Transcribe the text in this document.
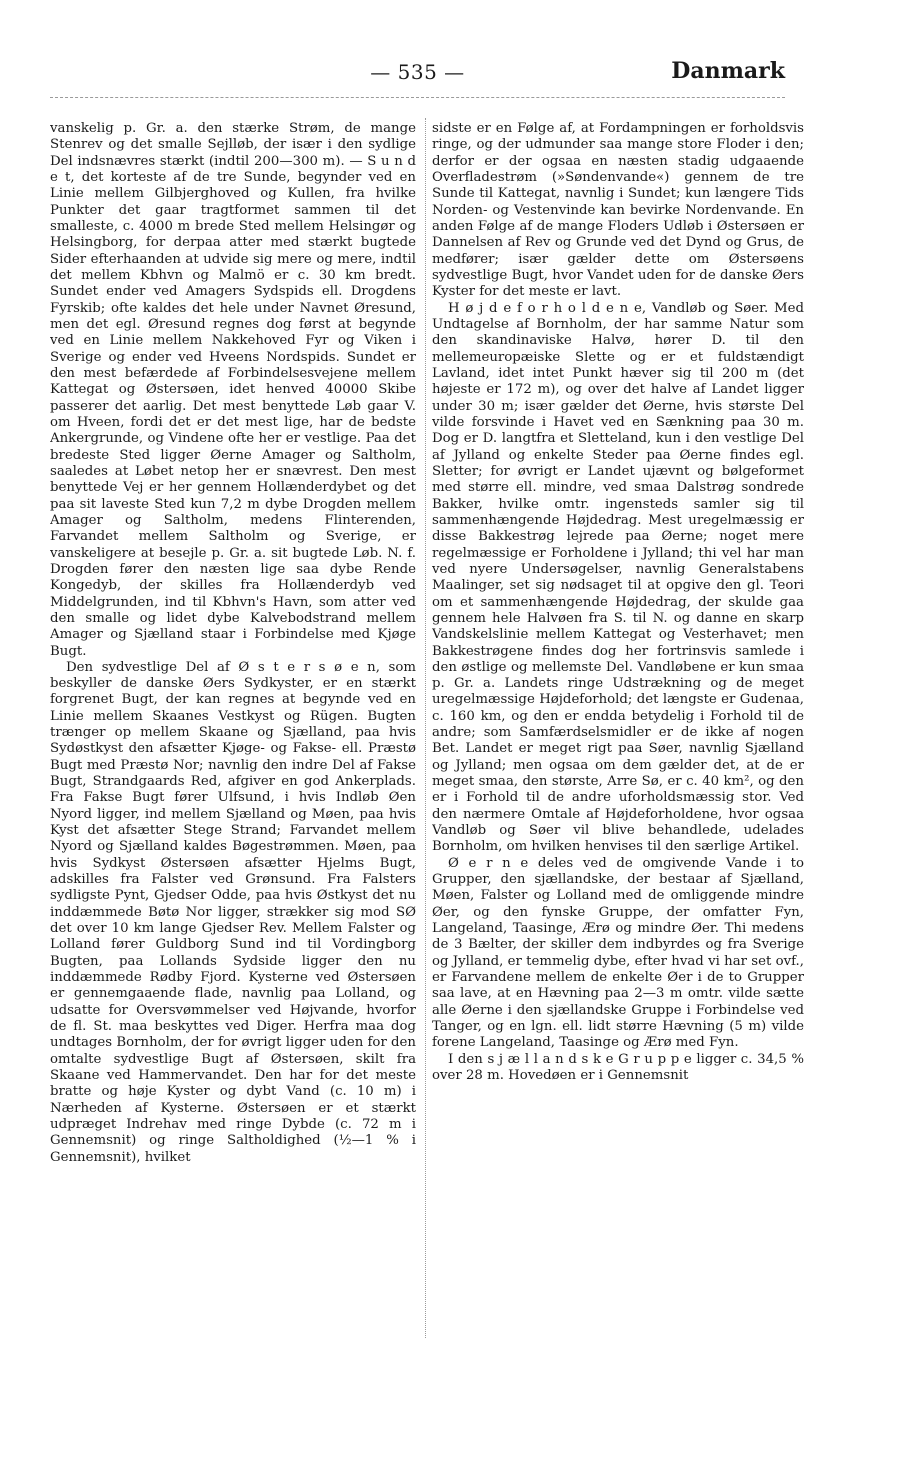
— 535 —	Danmark

vanskelig p. Gr. a. den stærke Strøm, de mange Stenrev og det smalle Sejlløb, der især i den sydlige Del indsnævres stærkt (indtil 200—300 m). — S u n d e t, det korteste af de tre Sunde, begynder ved en Linie mellem Gilbjerghoved og Kullen, fra hvilke Punkter det gaar tragtformet sammen til det smalleste, c. 4000 m brede Sted mellem Helsingør og Helsingborg, for derpaa atter med stærkt bugtede Sider efterhaanden at udvide sig mere og mere, indtil det mellem Kbhvn og Malmö er c. 30 km bredt. Sundet ender ved Amagers Sydspids ell. Drogdens Fyrskib; ofte kaldes det hele under Navnet Øresund, men det egl. Øresund regnes dog først at begynde ved en Linie mellem Nakkehoved Fyr og Viken i Sverige og ender ved Hveens Nordspids. Sundet er den mest befærdede af Forbindelsesvejene mellem Kattegat og Østersøen, idet henved 40000 Skibe passerer det aarlig. Det mest benyttede Løb gaar V. om Hveen, fordi det er det mest lige, har de bedste Ankergrunde, og Vindene ofte her er vestlige. Paa det bredeste Sted ligger Øerne Amager og Saltholm, saaledes at Løbet netop her er snævrest. Den mest benyttede Vej er her gennem Hollænderdybet og det paa sit laveste Sted kun 7,2 m dybe Drogden mellem Amager og Saltholm, medens Flinterenden, Farvandet mellem Saltholm og Sverige, er vanskeligere at besejle p. Gr. a. sit bugtede Løb. N. f. Drogden fører den næsten lige saa dybe Rende Kongedyb, der skilles fra Hollænderdyb ved Middelgrunden, ind til Kbhvn's Havn, som atter ved den smalle og lidet dybe Kalvebodstrand mellem Amager og Sjælland staar i Forbindelse med Kjøge Bugt.

Den sydvestlige Del af Ø s t e r s ø e n, som beskyller de danske Øers Sydkyster, er en stærkt forgrenet Bugt, der kan regnes at begynde ved en Linie mellem Skaanes Vestkyst og Rügen. Bugten trænger op mellem Skaane og Sjælland, paa hvis Sydøstkyst den afsætter Kjøge- og Fakse- ell. Præstø Bugt med Præstø Nor; navnlig den indre Del af Fakse Bugt, Strandgaards Red, afgiver en god Ankerplads. Fra Fakse Bugt fører Ulfsund, i hvis Indløb Øen Nyord ligger, ind mellem Sjælland og Møen, paa hvis Kyst det afsætter Stege Strand; Farvandet mellem Nyord og Sjælland kaldes Bøgestrømmen. Møen, paa hvis Sydkyst Østersøen afsætter Hjelms Bugt, adskilles fra Falster ved Grønsund. Fra Falsters sydligste Pynt, Gjedser Odde, paa hvis Østkyst det nu inddæmmede Bøtø Nor ligger, strækker sig mod SØ det over 10 km lange Gjedser Rev. Mellem Falster og Lolland fører Guldborg Sund ind til Vordingborg Bugten, paa Lollands Sydside ligger den nu inddæmmede Rødby Fjord. Kysterne ved Østersøen er gennemgaaende flade, navnlig paa Lolland, og udsatte for Oversvømmelser ved Højvande, hvorfor de fl. St. maa beskyttes ved Diger. Herfra maa dog undtages Bornholm, der for øvrigt ligger uden for den omtalte sydvestlige Bugt af Østersøen, skilt fra Skaane ved Hammervandet. Den har for det meste bratte og høje Kyster og dybt Vand (c. 10 m) i Nærheden af Kysterne. Østersøen er et stærkt udpræget Indrehav med ringe Dybde (c. 72 m i Gennemsnit) og ringe Saltholdighed (½—1 % i Gennemsnit), hvilket

sidste er en Følge af, at Fordampningen er forholdsvis ringe, og der udmunder saa mange store Floder i den; derfor er der ogsaa en næsten stadig udgaaende Overfladestrøm (»Søndenvande«) gennem de tre Sunde til Kattegat, navnlig i Sundet; kun længere Tids Norden- og Vestenvinde kan bevirke Nordenvande. En anden Følge af de mange Floders Udløb i Østersøen er Dannelsen af Rev og Grunde ved det Dynd og Grus, de medfører; især gælder dette om Østersøens sydvestlige Bugt, hvor Vandet uden for de danske Øers Kyster for det meste er lavt.

H ø j d e f o r h o l d e n e, Vandløb og Søer. Med Undtagelse af Bornholm, der har samme Natur som den skandinaviske Halvø, hører D. til den mellemeuropæiske Slette og er et fuldstændigt Lavland, idet intet Punkt hæver sig til 200 m (det højeste er 172 m), og over det halve af Landet ligger under 30 m; især gælder det Øerne, hvis største Del vilde forsvinde i Havet ved en Sænkning paa 30 m. Dog er D. langtfra et Sletteland, kun i den vestlige Del af Jylland og enkelte Steder paa Øerne findes egl. Sletter; for øvrigt er Landet ujævnt og bølgeformet med større ell. mindre, ved smaa Dalstrøg sondrede Bakker, hvilke omtr. ingensteds samler sig til sammenhængende Højdedrag. Mest uregelmæssig er disse Bakkestrøg lejrede paa Øerne; noget mere regelmæssige er Forholdene i Jylland; thi vel har man ved nyere Undersøgelser, navnlig Generalstabens Maalinger, set sig nødsaget til at opgive den gl. Teori om et sammenhængende Højdedrag, der skulde gaa gennem hele Halvøen fra S. til N. og danne en skarp Vandskelslinie mellem Kattegat og Vesterhavet; men Bakkestrøgene findes dog her fortrinsvis samlede i den østlige og mellemste Del. Vandløbene er kun smaa p. Gr. a. Landets ringe Udstrækning og de meget uregelmæssige Højdeforhold; det længste er Gudenaa, c. 160 km, og den er endda betydelig i Forhold til de andre; som Samfærdselsmidler er de ikke af nogen Bet. Landet er meget rigt paa Søer, navnlig Sjælland og Jylland; men ogsaa om dem gælder det, at de er meget smaa, den største, Arre Sø, er c. 40 km², og den er i Forhold til de andre uforholdsmæssig stor. Ved den nærmere Omtale af Højdeforholdene, hvor ogsaa Vandløb og Søer vil blive behandlede, udelades Bornholm, om hvilken henvises til den særlige Artikel.

Ø e r n e deles ved de omgivende Vande i to Grupper, den sjællandske, der bestaar af Sjælland, Møen, Falster og Lolland med de omliggende mindre Øer, og den fynske Gruppe, der omfatter Fyn, Langeland, Taasinge, Ærø og mindre Øer. Thi medens de 3 Bælter, der skiller dem indbyrdes og fra Sverige og Jylland, er temmelig dybe, efter hvad vi har set ovf., er Farvandene mellem de enkelte Øer i de to Grupper saa lave, at en Hævning paa 2—3 m omtr. vilde sætte alle Øerne i den sjællandske Gruppe i Forbindelse ved Tanger, og en lgn. ell. lidt større Hævning (5 m) vilde forene Langeland, Taasinge og Ærø med Fyn.

I den s j æ l l a n d s k e G r u p p e ligger c. 34,5 % over 28 m. Hovedøen er i Gennemsnit
